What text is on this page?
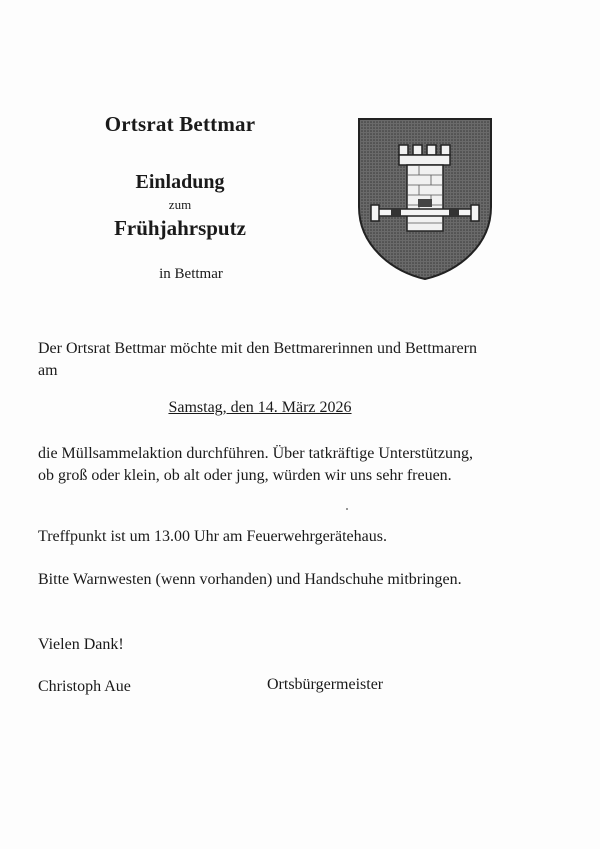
Ortsrat Bettmar
Einladung
zum
Frühjahrsputz
in Bettmar
Der Ortsrat Bettmar möchte mit den Bettmarerinnen und Bettmarern am
Samstag, den 14. März 2026
die Müllsammelaktion durchführen. Über tatkräftige Unterstützung, ob groß oder klein, ob alt oder jung, würden wir uns sehr freuen.
Treffpunkt ist um 13.00 Uhr am Feuerwehrgerätehaus.
Bitte Warnwesten (wenn vorhanden) und Handschuhe mitbringen.
Vielen Dank!
Christoph Aue	Ortsbürgermeister
